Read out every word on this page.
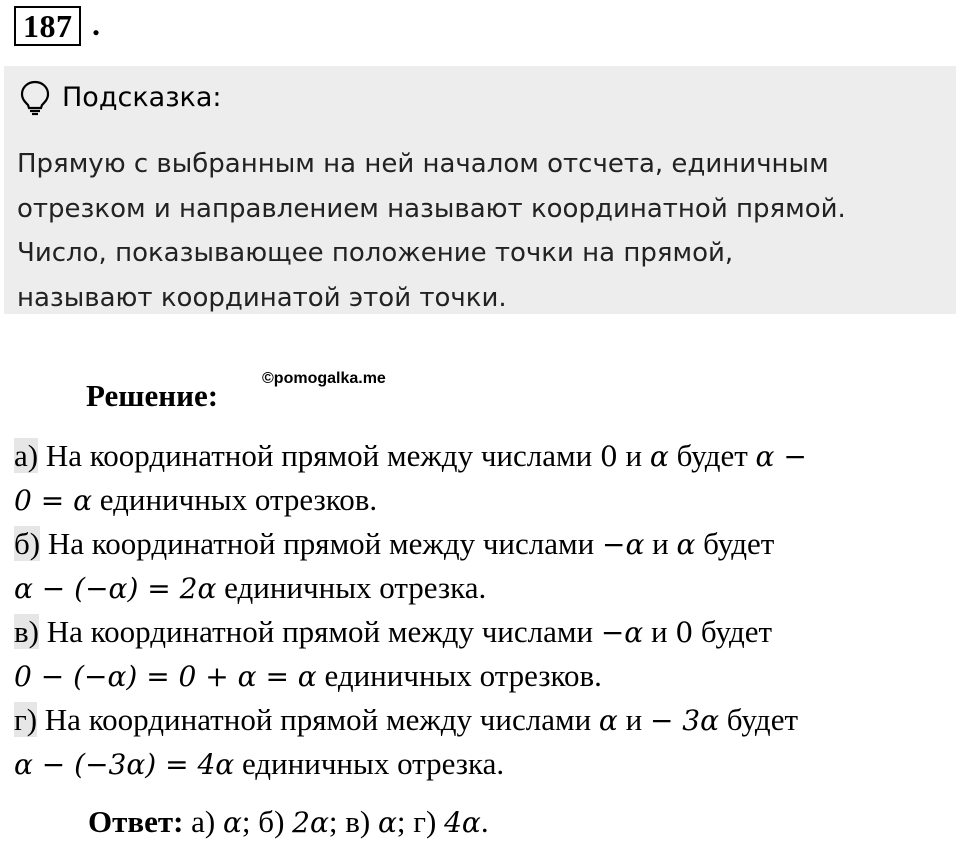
187 .
Подсказка:
Прямую с выбранным на ней началом отсчета, единичным
отрезком и направлением называют координатной прямой.
Число, показывающее положение точки на прямой,
называют координатой этой точки.
Решение:	©pomogalka.me
а) На координатной прямой между числами 0 и α будет α −
0 = α единичных отрезков.
б) На координатной прямой между числами −α и α будет
α − (−α) = 2α единичных отрезка.
в) На координатной прямой между числами −α и 0 будет
0 − (−α) = 0 + α = α единичных отрезков.
г) На координатной прямой между числами α и − 3α будет
α − (−3α) = 4α единичных отрезка.
Ответ: а) α; б) 2α; в) α; г) 4α.
